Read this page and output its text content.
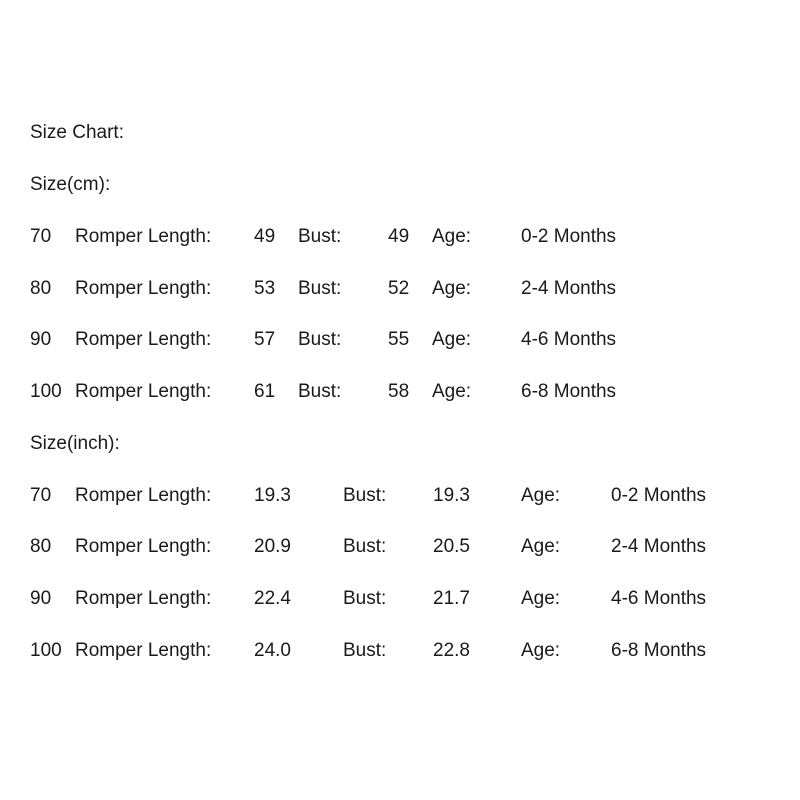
Size Chart:
Size(cm):
70 Romper Length: 49 Bust: 49 Age:	0-2 Months
80 Romper Length: 53 Bust: 52 Age:	2-4 Months
90 Romper Length: 57 Bust: 55 Age:	4-6 Months
100 Romper Length: 61 Bust: 58 Age:	6-8 Months
Size(inch):
70 Romper Length: 19.3	Bust: 19.3	Age:	0-2 Months
80 Romper Length: 20.9	Bust: 20.5	Age:	2-4 Months
90 Romper Length: 22.4	Bust: 21.7	Age:	4-6 Months
100 Romper Length: 24.0	Bust: 22.8	Age:	6-8 Months
